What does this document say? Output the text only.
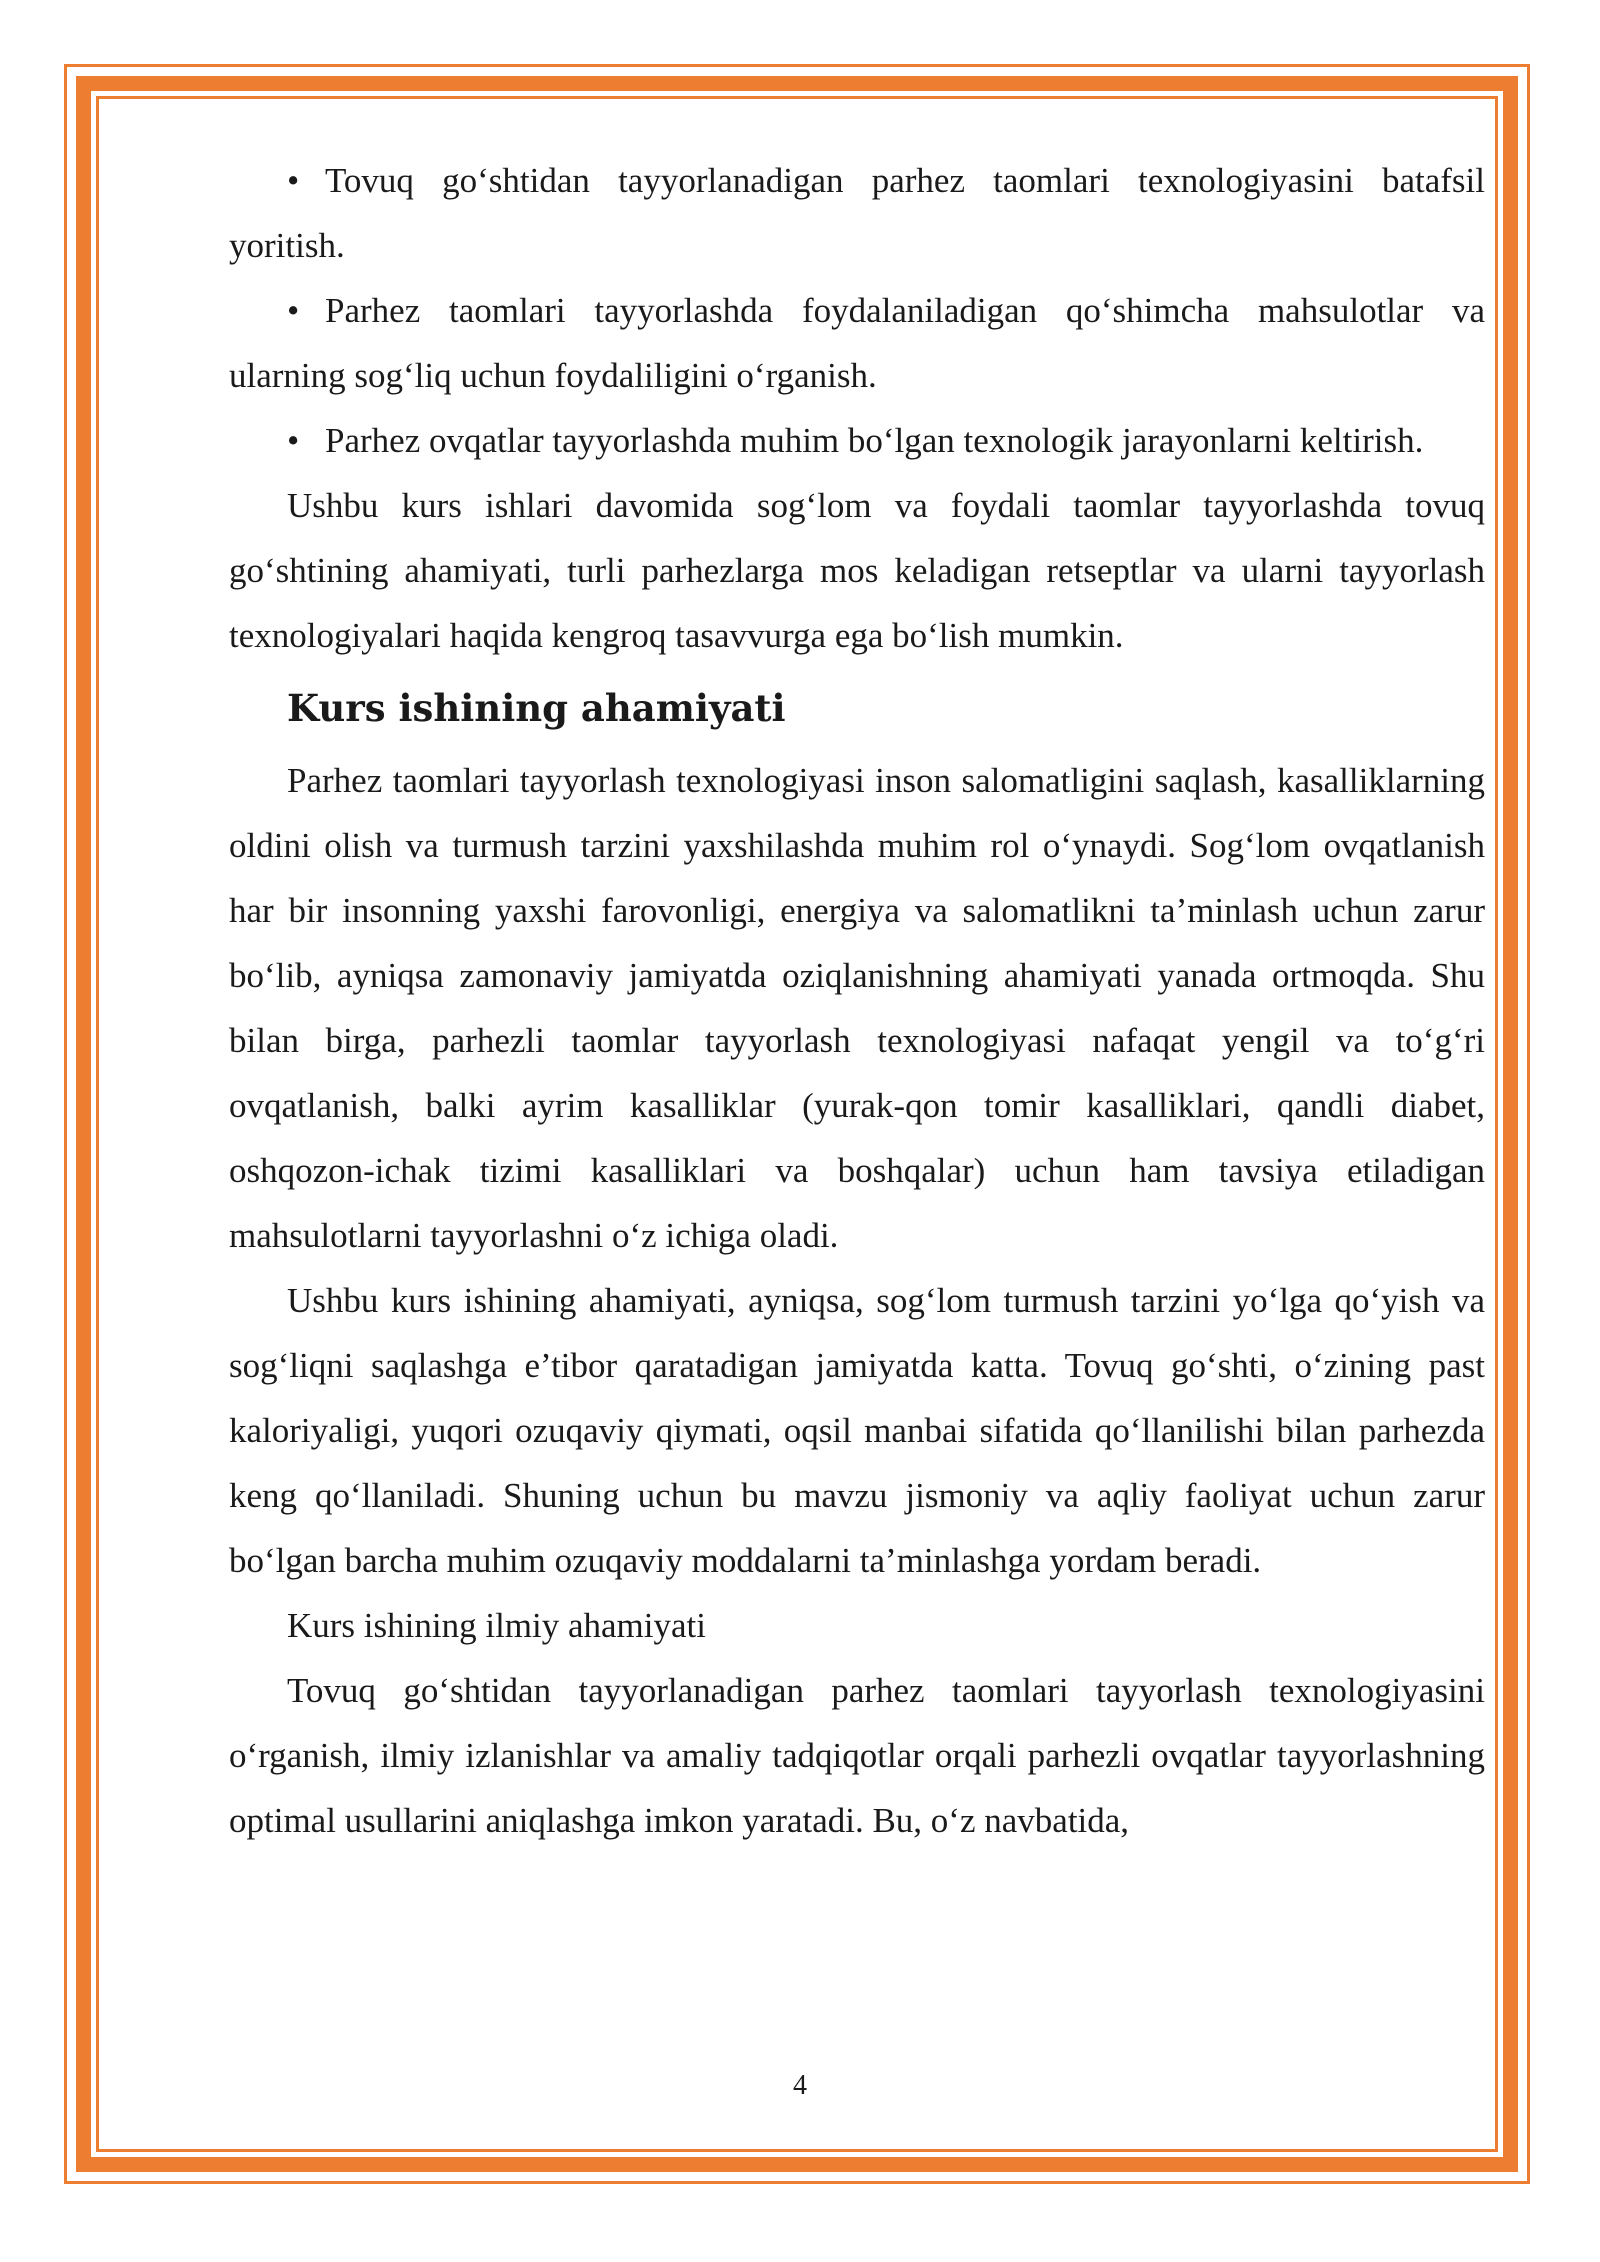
• Tovuq go‘shtidan tayyorlanadigan parhez taomlari texnologiyasini batafsil yoritish.

• Parhez taomlari tayyorlashda foydalaniladigan qo‘shimcha mahsulotlar va ularning sog‘liq uchun foydaliligini o‘rganish.

• Parhez ovqatlar tayyorlashda muhim bo‘lgan texnologik jarayonlarni keltirish.

Ushbu kurs ishlari davomida sog‘lom va foydali taomlar tayyorlashda tovuq go‘shtining ahamiyati, turli parhezlarga mos keladigan retseptlar va ularni tayyorlash texnologiyalari haqida kengroq tasavvurga ega bo‘lish mumkin.

Kurs ishining ahamiyati

Parhez taomlari tayyorlash texnologiyasi inson salomatligini saqlash, kasalliklarning oldini olish va turmush tarzini yaxshilashda muhim rol o‘ynaydi. Sog‘lom ovqatlanish har bir insonning yaxshi farovonligi, energiya va salomatlikni ta’minlash uchun zarur bo‘lib, ayniqsa zamonaviy jamiyatda oziqlanishning ahamiyati yanada ortmoqda. Shu bilan birga, parhezli taomlar tayyorlash texnologiyasi nafaqat yengil va to‘g‘ri ovqatlanish, balki ayrim kasalliklar (yurak-qon tomir kasalliklari, qandli diabet, oshqozon-ichak tizimi kasalliklari va boshqalar) uchun ham tavsiya etiladigan mahsulotlarni tayyorlashni o‘z ichiga oladi.

Ushbu kurs ishining ahamiyati, ayniqsa, sog‘lom turmush tarzini yo‘lga qo‘yish va sog‘liqni saqlashga e’tibor qaratadigan jamiyatda katta. Tovuq go‘shti, o‘zining past kaloriyaligi, yuqori ozuqaviy qiymati, oqsil manbai sifatida qo‘llanilishi bilan parhezda keng qo‘llaniladi. Shuning uchun bu mavzu jismoniy va aqliy faoliyat uchun zarur bo‘lgan barcha muhim ozuqaviy moddalarni ta’minlashga yordam beradi.

Kurs ishining ilmiy ahamiyati

Tovuq go‘shtidan tayyorlanadigan parhez taomlari tayyorlash texnologiyasini o‘rganish, ilmiy izlanishlar va amaliy tadqiqotlar orqali parhezli ovqatlar tayyorlashning optimal usullarini aniqlashga imkon yaratadi. Bu, o‘z navbatida,

4
